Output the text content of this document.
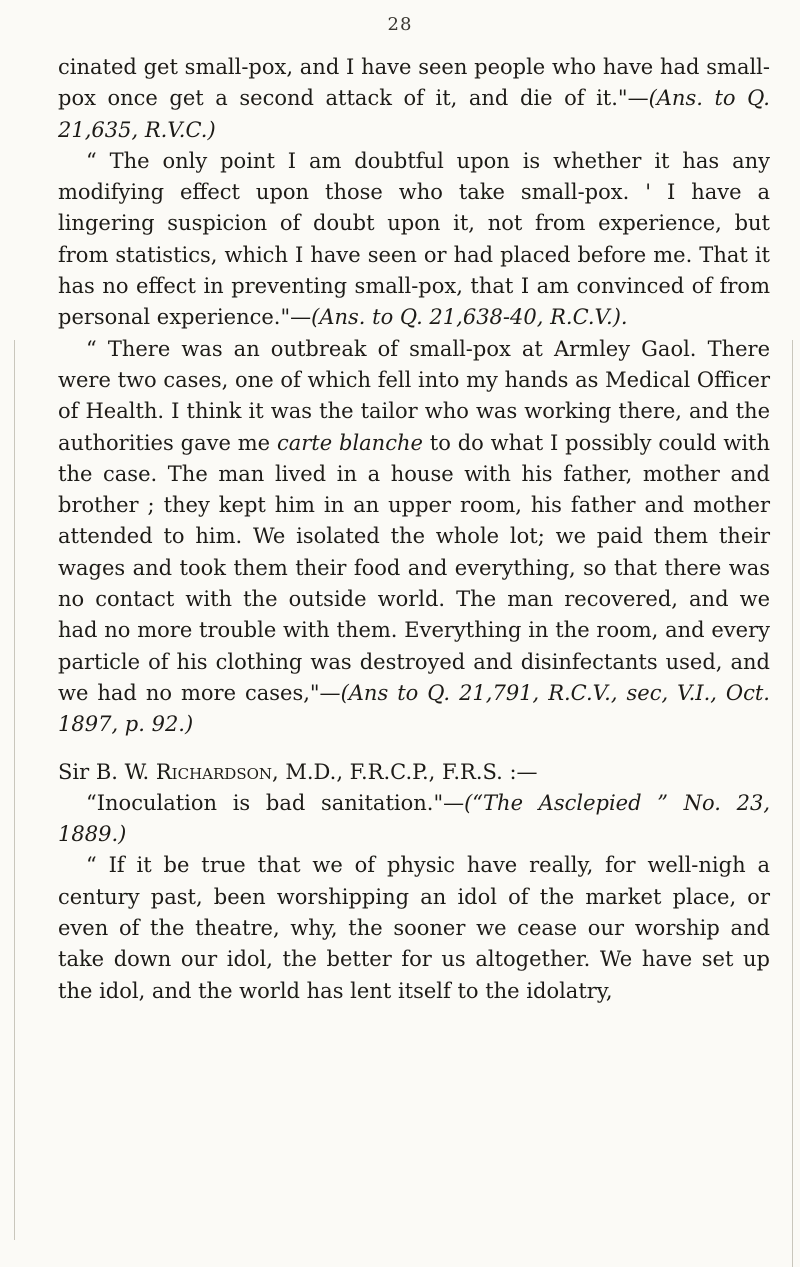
28

cinated get small-pox, and I have seen people who have had small-pox once get a second attack of it, and die of it."—(Ans. to Q. 21,635, R.V.C.)

“ The only point I am doubtful upon is whether it has any modifying effect upon those who take small-pox. ' I have a lingering suspicion of doubt upon it, not from experience, but from statistics, which I have seen or had placed before me. That it has no effect in preventing small-pox, that I am convinced of from personal experience."—(Ans. to Q. 21,638-40, R.C.V.).

“ There was an outbreak of small-pox at Armley Gaol. There were two cases, one of which fell into my hands as Medical Officer of Health. I think it was the tailor who was working there, and the authorities gave me carte blanche to do what I possibly could with the case. The man lived in a house with his father, mother and brother ; they kept him in an upper room, his father and mother attended to him. We isolated the whole lot; we paid them their wages and took them their food and everything, so that there was no contact with the outside world. The man recovered, and we had no more trouble with them. Everything in the room, and every particle of his clothing was destroyed and disinfectants used, and we had no more cases,"—(Ans to Q. 21,791, R.C.V., sec, V.I., Oct. 1897, p. 92.)

Sir B. W. Richardson, M.D., F.R.C.P., F.R.S. :—

“Inoculation is bad sanitation."—(“The Asclepied ” No. 23, 1889.)

“ If it be true that we of physic have really, for well-nigh a century past, been worshipping an idol of the market place, or even of the theatre, why, the sooner we cease our worship and take down our idol, the better for us altogether. We have set up the idol, and the world has lent itself to the idolatry,
